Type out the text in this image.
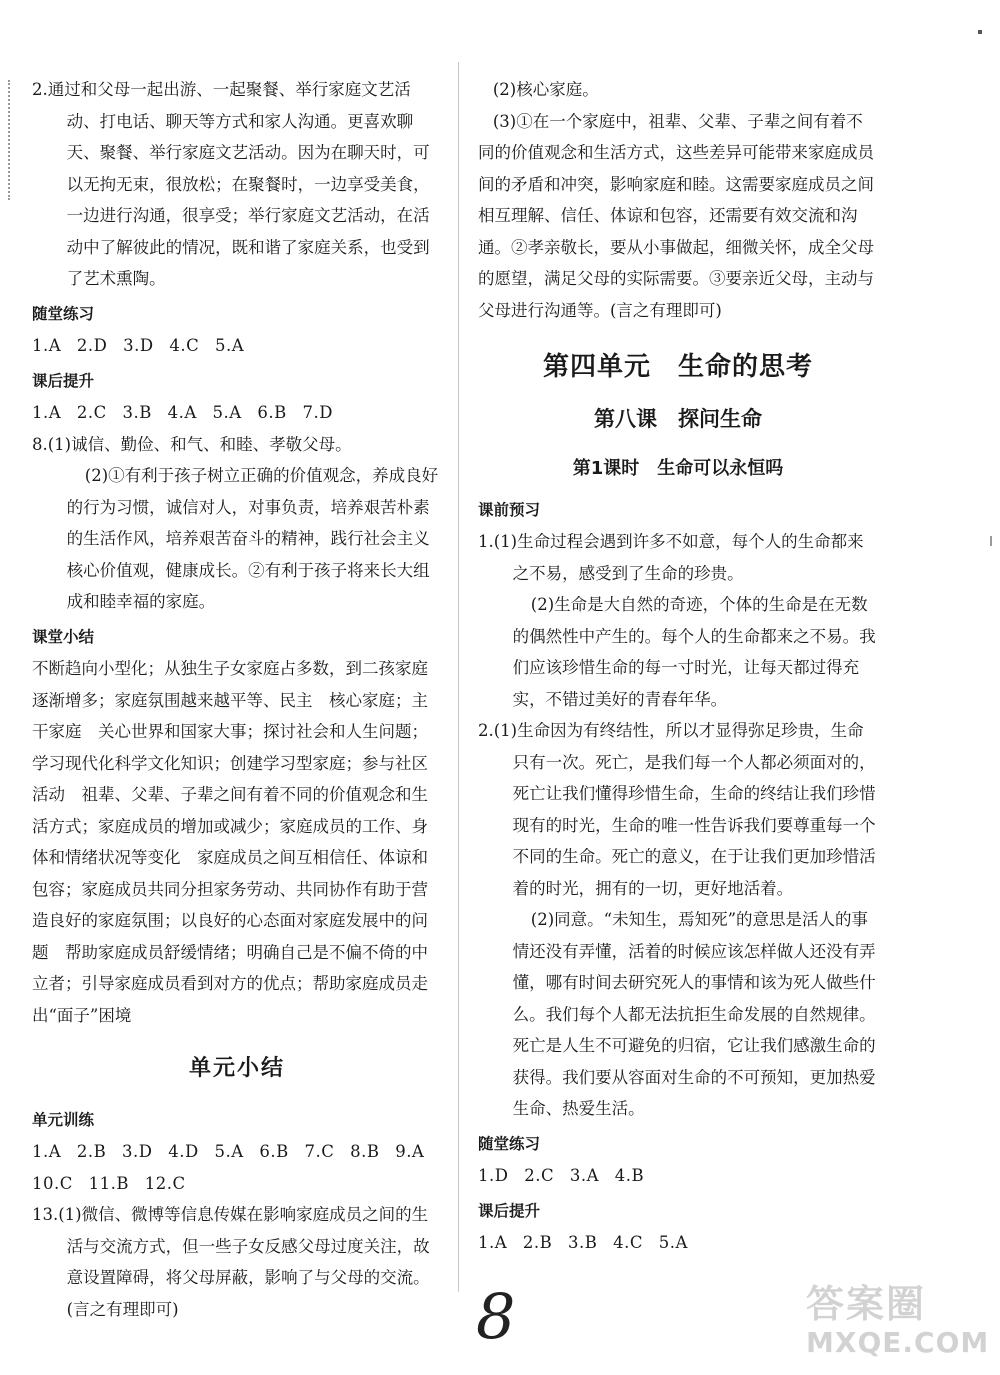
2.通过和父母一起出游、一起聚餐、举行家庭文艺活动、打电话、聊天等方式和家人沟通。更喜欢聊天、聚餐、举行家庭文艺活动。因为在聊天时，可以无拘无束，很放松；在聚餐时，一边享受美食，一边进行沟通，很享受；举行家庭文艺活动，在活动中了解彼此的情况，既和谐了家庭关系，也受到了艺术熏陶。

随堂练习

1.A 2.D 3.D 4.C 5.A

课后提升

1.A 2.C 3.B 4.A 5.A 6.B 7.D

8.(1)诚信、勤俭、和气、和睦、孝敬父母。

(2)①有利于孩子树立正确的价值观念，养成良好的行为习惯，诚信对人，对事负责，培养艰苦朴素的生活作风，培养艰苦奋斗的精神，践行社会主义核心价值观，健康成长。②有利于孩子将来长大组成和睦幸福的家庭。

课堂小结

不断趋向小型化；从独生子女家庭占多数，到二孩家庭逐渐增多；家庭氛围越来越平等、民主　核心家庭；主干家庭　关心世界和国家大事；探讨社会和人生问题；学习现代化科学文化知识；创建学习型家庭；参与社区活动　祖辈、父辈、子辈之间有着不同的价值观念和生活方式；家庭成员的增加或减少；家庭成员的工作、身体和情绪状况等变化　家庭成员之间互相信任、体谅和包容；家庭成员共同分担家务劳动、共同协作有助于营造良好的家庭氛围；以良好的心态面对家庭发展中的问题　帮助家庭成员舒缓情绪；明确自己是不偏不倚的中立者；引导家庭成员看到对方的优点；帮助家庭成员走出“面子”困境

单元小结

单元训练

1.A 2.B 3.D 4.D 5.A 6.B 7.C 8.B 9.A

10.C 11.B 12.C

13.(1)微信、微博等信息传媒在影响家庭成员之间的生活与交流方式，但一些子女反感父母过度关注，故意设置障碍，将父母屏蔽，影响了与父母的交流。(言之有理即可)

(2)核心家庭。

(3)①在一个家庭中，祖辈、父辈、子辈之间有着不同的价值观念和生活方式，这些差异可能带来家庭成员间的矛盾和冲突，影响家庭和睦。这需要家庭成员之间相互理解、信任、体谅和包容，还需要有效交流和沟通。②孝亲敬长，要从小事做起，细微关怀，成全父母的愿望，满足父母的实际需要。③要亲近父母，主动与父母进行沟通等。(言之有理即可)

第四单元　生命的思考
第八课　探问生命
第1课时　生命可以永恒吗

课前预习

1.(1)生命过程会遇到许多不如意，每个人的生命都来之不易，感受到了生命的珍贵。

(2)生命是大自然的奇迹，个体的生命是在无数的偶然性中产生的。每个人的生命都来之不易。我们应该珍惜生命的每一寸时光，让每天都过得充实，不错过美好的青春年华。

2.(1)生命因为有终结性，所以才显得弥足珍贵，生命只有一次。死亡，是我们每一个人都必须面对的，死亡让我们懂得珍惜生命，生命的终结让我们珍惜现有的时光，生命的唯一性告诉我们要尊重每一个不同的生命。死亡的意义，在于让我们更加珍惜活着的时光，拥有的一切，更好地活着。

(2)同意。“未知生，焉知死”的意思是活人的事情还没有弄懂，活着的时候应该怎样做人还没有弄懂，哪有时间去研究死人的事情和该为死人做些什么。我们每个人都无法抗拒生命发展的自然规律。死亡是人生不可避免的归宿，它让我们感激生命的获得。我们要从容面对生命的不可预知，更加热爱生命、热爱生活。

随堂练习

1.D 2.C 3.A 4.B

课后提升

1.A 2.B 3.B 4.C 5.A

8	答案圈
MXQE.COM
